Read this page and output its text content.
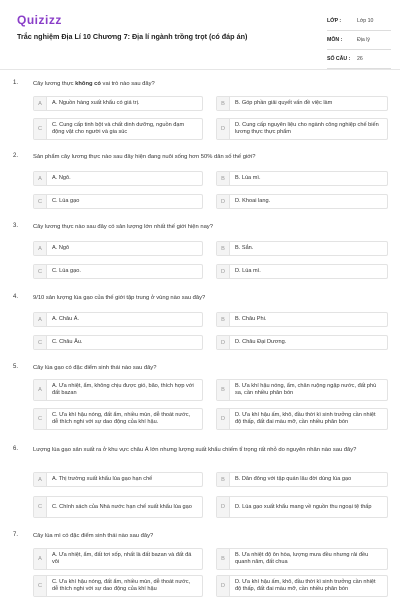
Quizizz
Trắc nghiệm Địa Lí 10 Chương 7: Địa lí ngành trồng trọt (có đáp án)
LỚP :	Lớp 10
MÔN :	Địa lý
SỐ CÂU :	26
1.	Cây lương thực không có vai trò nào sau đây?
A	A. Nguồn hàng xuất khẩu có giá trị.	B	B. Góp phần giải quyết vấn đề việc làm
C
C. Cung cấp tinh bột và chất dinh dưỡng, nguồn đạm động vật cho người và gia súc	D
D. Cung cấp nguyên liệu cho ngành công nghiệp chế biến lương thực thực phẩm
2.	Sản phẩm cây lương thực nào sau đây hiện đang nuôi sống hơn 50% dân số thế giới?
A	A. Ngô.	B	B. Lúa mì.
C	C. Lúa gạo	D	D. Khoai lang.
3.	Cây lương thực nào sau đây có sản lượng lớn nhất thế giới hiện nay?
A	A. Ngô	B	B. Sắn.
C	C. Lúa gạo.	D	D. Lúa mì.
4.	9/10 sản lượng lúa gạo của thế giới tập trung ở vùng nào sau đây?
A	A. Châu Á.	B	B. Châu Phi.
C	C. Châu Âu.	D	D. Châu Đại Dương.
5.	Cây lúa gạo có đặc điểm sinh thái nào sau đây?
A
A. Ưa nhiệt, ẩm, không chịu được gió, bão, thích hợp với đất bazan	B
B. Ưa khí hậu nóng, ẩm, chân ruộng ngập nước, đất phù sa, cần nhiều phân bón
C
C. Ưa khí hậu nóng, đất ẩm, nhiều mùn, dễ thoát nước, dễ thích nghi với sự dao động của khí hậu.	D
D. Ưa khí hậu ấm, khô, đầu thời kì sinh trưởng cần nhiệt độ thấp, đất đai màu mỡ, cần nhiều phân bón
6.	Lượng lúa gạo sản xuất ra ở khu vực châu Á lớn nhưng lượng xuất khẩu chiếm tỉ trọng rất nhỏ do nguyên nhân nào sau đây?
A	A. Thị trường xuất khẩu lúa gạo hạn chế	B	B. Dân đông với tập quán lâu đời dùng lúa gạo
C	C. Chính sách của Nhà nước hạn chế xuất khẩu lúa gạo	D	D. Lúa gạo xuất khẩu mang về nguồn thu ngoại tệ thấp
7.	Cây lúa mì có đặc điểm sinh thái nào sau đây?
A
A. Ưa nhiệt, ẩm, đất tơi xốp, nhất là đất bazan và đất đá vôi	B
B. Ưa nhiệt độ ôn hòa, lượng mưa đều nhưng rải đều quanh năm, đất chua
C
C. Ưa khí hậu nóng, đất ẩm, nhiều mùn, dễ thoát nước, dễ thích nghi với sự dao động của khí hậu	D
D. Ưa khí hậu ấm, khô, đầu thời kì sinh trưởng cần nhiệt độ thấp, đất đai màu mỡ, cần nhiều phân bón
